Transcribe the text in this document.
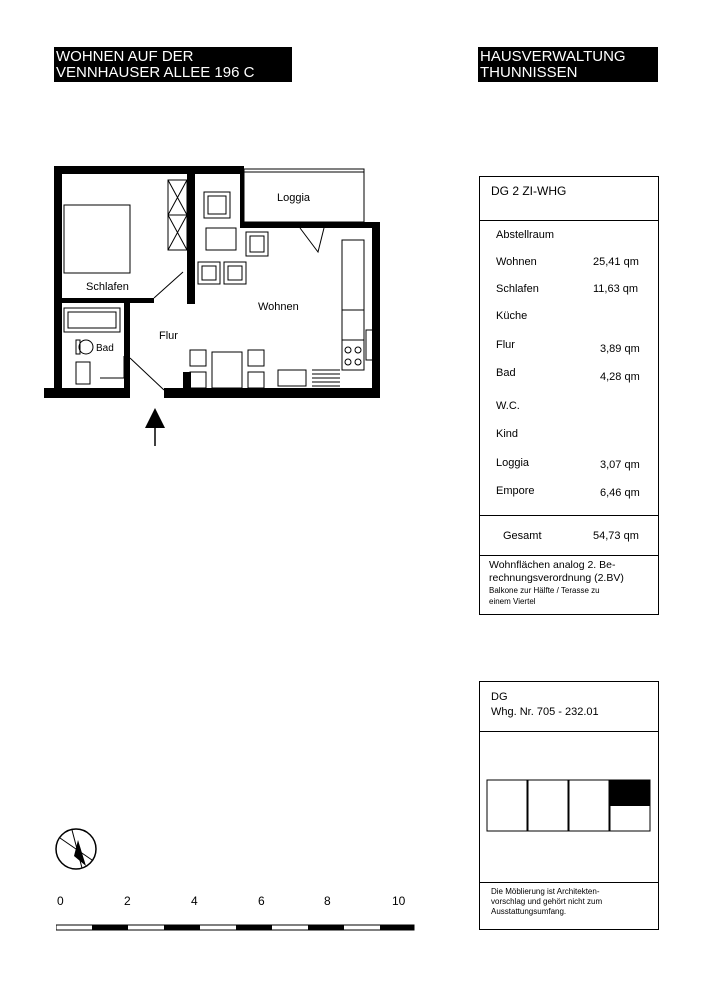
WOHNEN AUF DER
VENNHAUSER ALLEE 196 C
HAUSVERWALTUNG
THUNNISSEN
Loggia
Schlafen
Wohnen
Flur
Bad
DG 2 ZI-WHG
Abstellraum
Wohnen	25,41 qm
Schlafen	11,63 qm
Küche
Flur	3,89 qm
Bad	4,28 qm
W.C.
Kind
Loggia	3,07 qm
Empore	6,46 qm
Gesamt	54,73 qm
Wohnflächen analog 2. Be-
rechnungsverordnung (2.BV)
Balkone zur Hälfte / Terasse zu
einem Viertel
DG
Whg. Nr. 705 - 232.01
Die Möblierung ist Architekten-
vorschlag und gehört nicht zum
Ausstattungsumfang.
0	2	4	6	8	10
